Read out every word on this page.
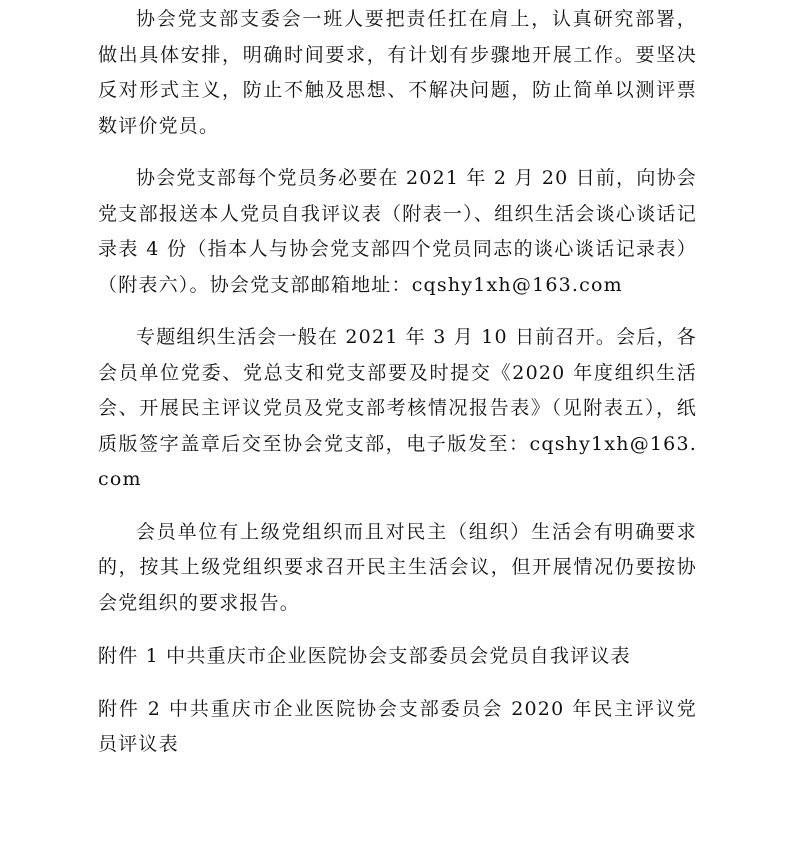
协会党支部支委会一班人要把责任扛在肩上，认真研究部署，做出具体安排，明确时间要求，有计划有步骤地开展工作。要坚决反对形式主义，防止不触及思想、不解决问题，防止简单以测评票数评价党员。

协会党支部每个党员务必要在 2021 年 2 月 20 日前，向协会党支部报送本人党员自我评议表（附表一）、组织生活会谈心谈话记录表 4 份（指本人与协会党支部四个党员同志的谈心谈话记录表）（附表六）。协会党支部邮箱地址：cqshy1xh@163.com

专题组织生活会一般在 2021 年 3 月 10 日前召开。会后，各会员单位党委、党总支和党支部要及时提交《2020 年度组织生活会、开展民主评议党员及党支部考核情况报告表》（见附表五），纸质版签字盖章后交至协会党支部，电子版发至：cqshy1xh@163.com

会员单位有上级党组织而且对民主（组织）生活会有明确要求的，按其上级党组织要求召开民主生活会议，但开展情况仍要按协会党组织的要求报告。

附件 1 中共重庆市企业医院协会支部委员会党员自我评议表

附件 2 中共重庆市企业医院协会支部委员会 2020 年民主评议党员评议表
